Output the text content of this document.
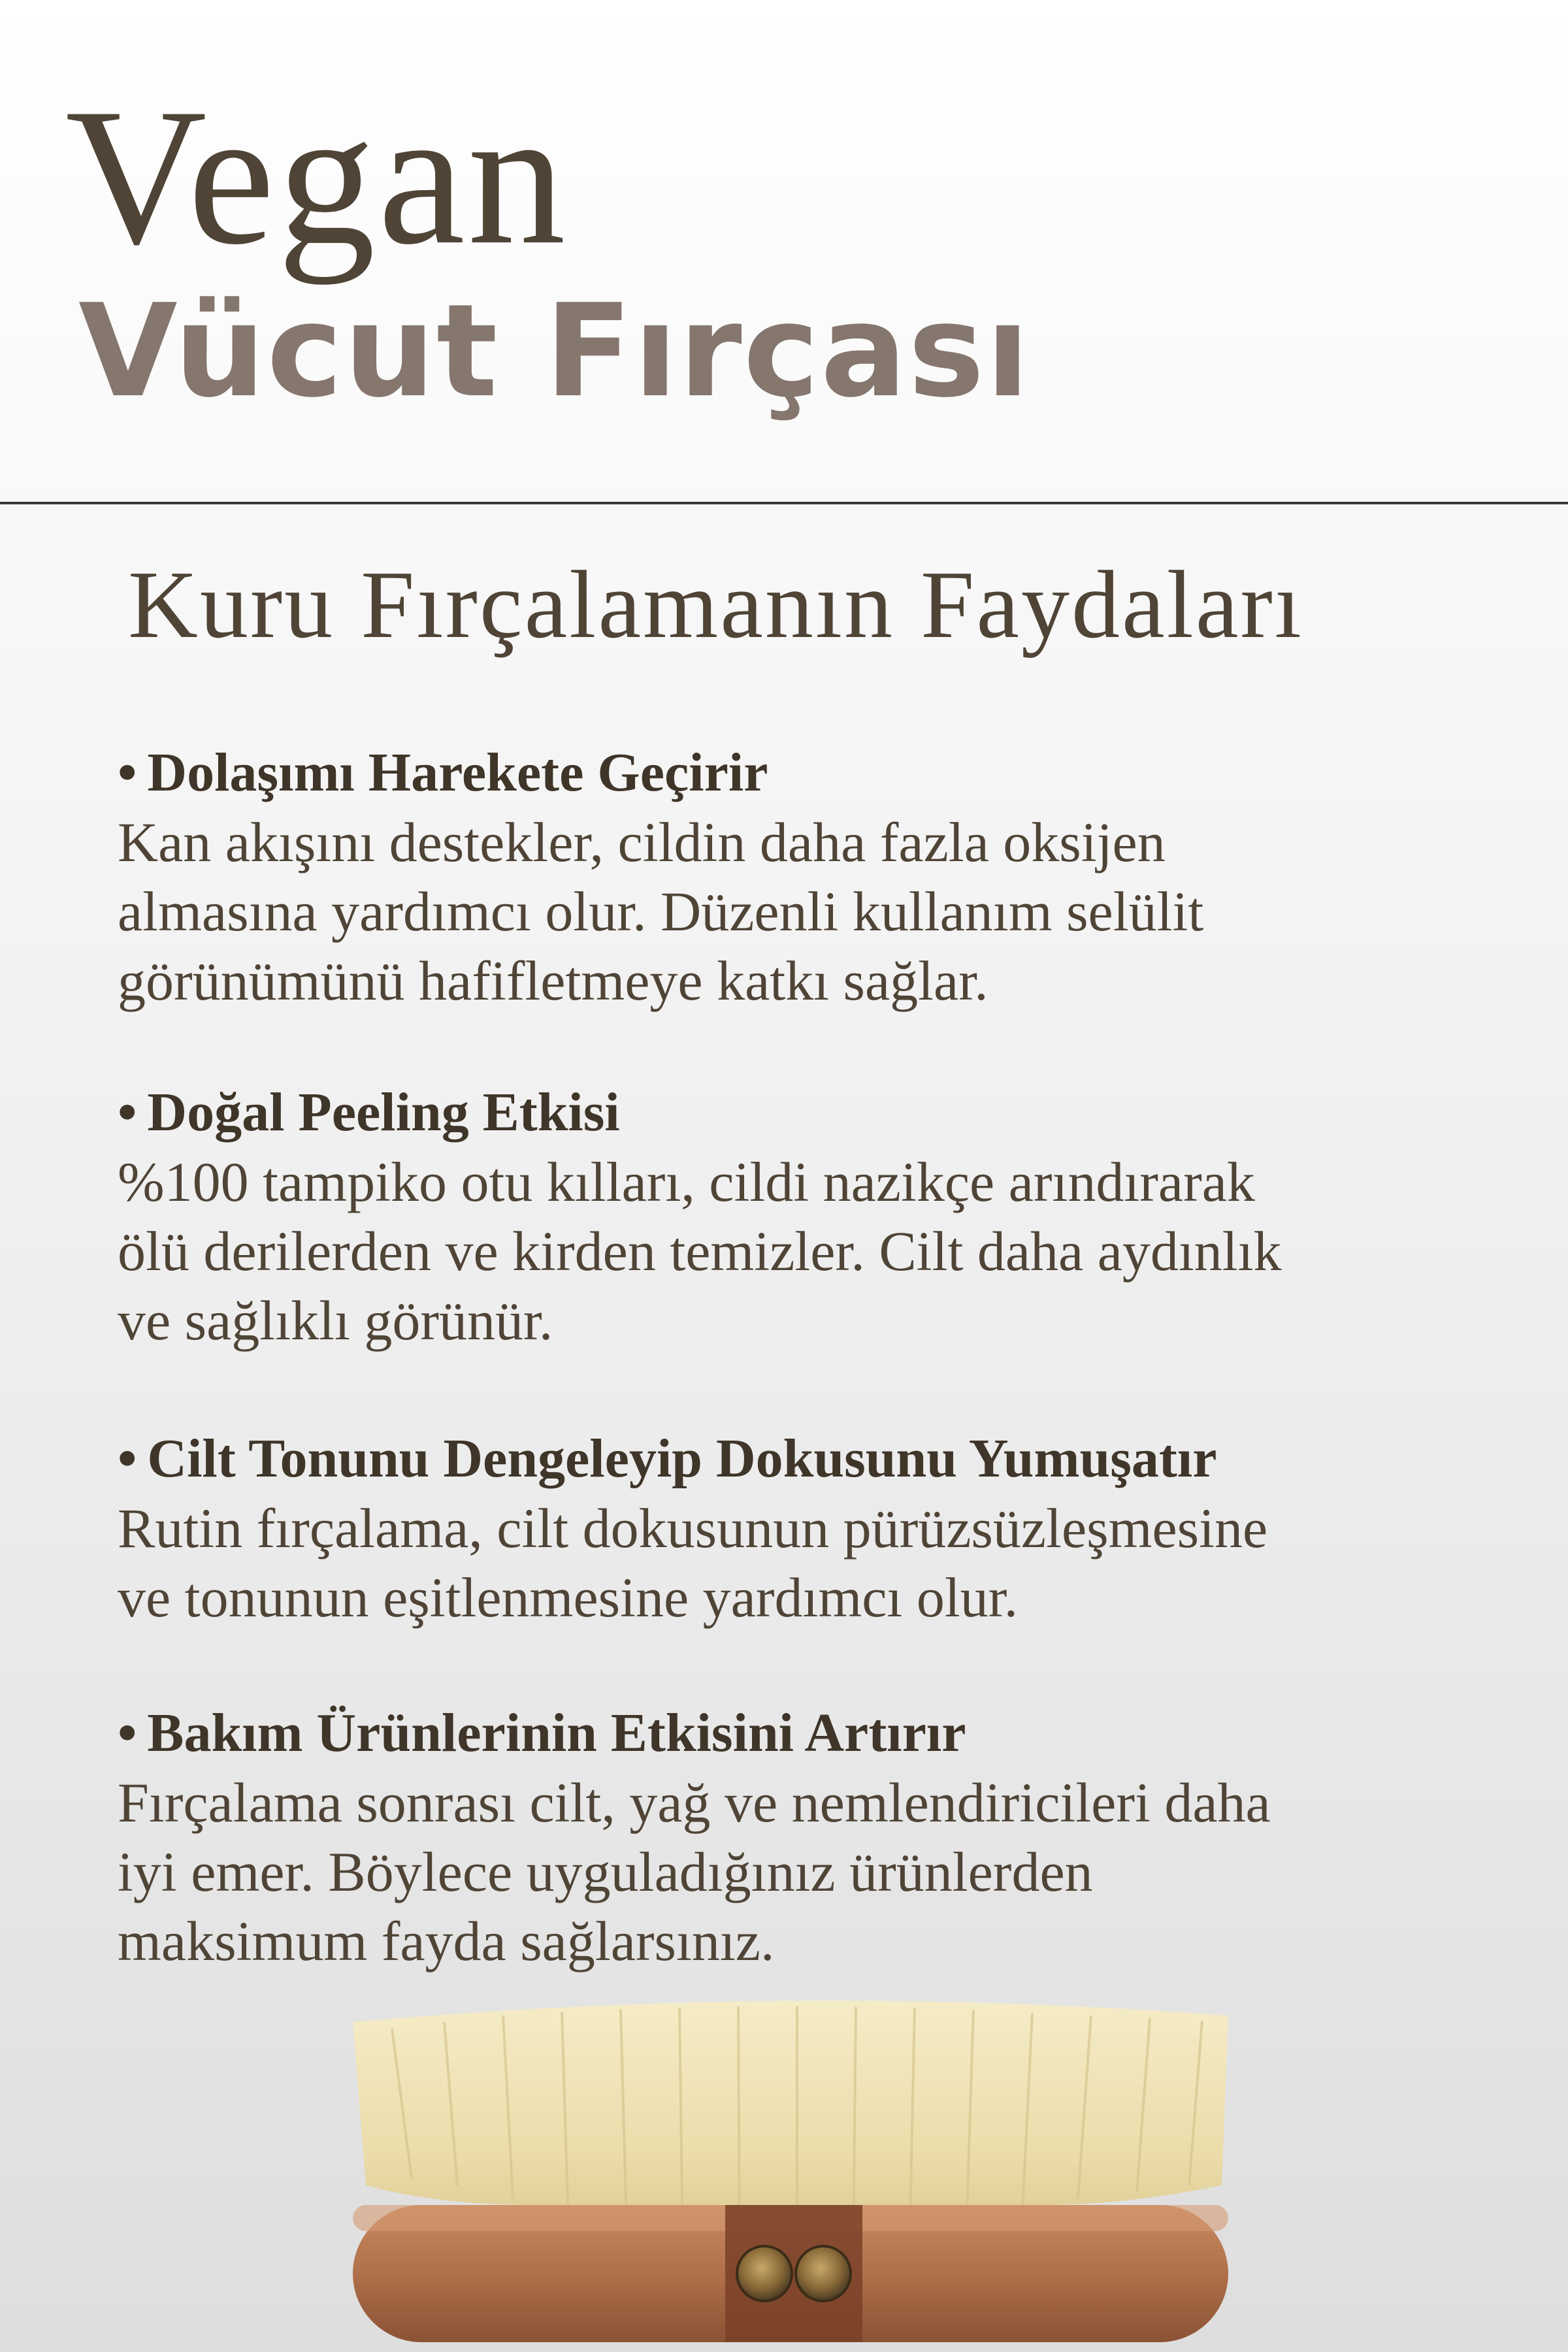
Vegan
Vücut Fırçası
Kuru Fırçalamanın Faydaları
• Dolaşımı Harekete Geçirir
Kan akışını destekler, cildin daha fazla oksijen
almasına yardımcı olur. Düzenli kullanım selülit
görünümünü hafifletmeye katkı sağlar.
• Doğal Peeling Etkisi
%100 tampiko otu kılları, cildi nazikçe arındırarak
ölü derilerden ve kirden temizler. Cilt daha aydınlık
ve sağlıklı görünür.
• Cilt Tonunu Dengeleyip Dokusunu Yumuşatır
Rutin fırçalama, cilt dokusunun pürüzsüzleşmesine
ve tonunun eşitlenmesine yardımcı olur.
• Bakım Ürünlerinin Etkisini Artırır
Fırçalama sonrası cilt, yağ ve nemlendiricileri daha
iyi emer. Böylece uyguladığınız ürünlerden
maksimum fayda sağlarsınız.
